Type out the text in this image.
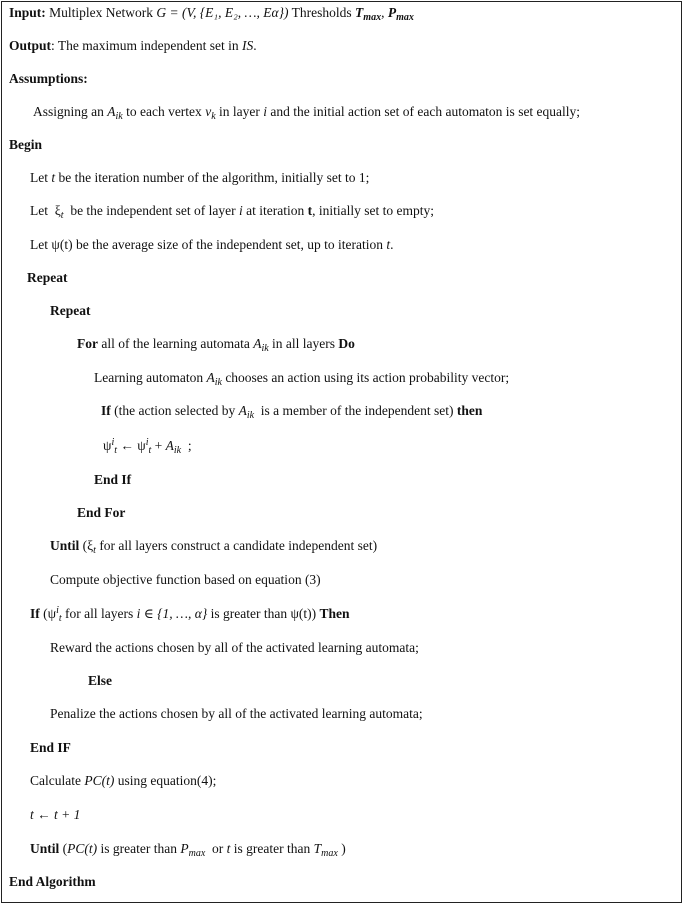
Input: Multiplex Network G = (V, {E₁, E₂, …, Eα}) Thresholds $T_{max}$, $P_{max}$
Output: The maximum independent set in IS.
Assumptions:
Assigning an $A_{ik}$ to each vertex $v_k$ in layer i and the initial action set of each automaton is set equally;
Begin
Let t be the iteration number of the algorithm, initially set to 1;
Let $\xi_t$ be the independent set of layer i at iteration t, initially set to empty;
Let ψ(t) be the average size of the independent set, up to iteration t.
Repeat
Repeat
For all of the learning automata $A_{ik}$ in all layers Do
Learning automaton $A_{ik}$ chooses an action using its action probability vector;
If (the action selected by $A_{ik}$ is a member of the independent set) then
$\psi^i_t$ ← $\psi^i_t + A_{ik}$ ;
End If
End For
Until ($\xi_t$ for all layers construct a candidate independent set)
Compute objective function based on equation (3)
If ($\psi^i_t$ for all layers i ∈ {1, …, α} is greater than ψ(t)) Then
Reward the actions chosen by all of the activated learning automata;
Else
Penalize the actions chosen by all of the activated learning automata;
End IF
Calculate PC(t) using equation(4);
t ← t + 1
Until (PC(t) is greater than $P_{max}$ or t is greater than $T_{max}$ )
End Algorithm
